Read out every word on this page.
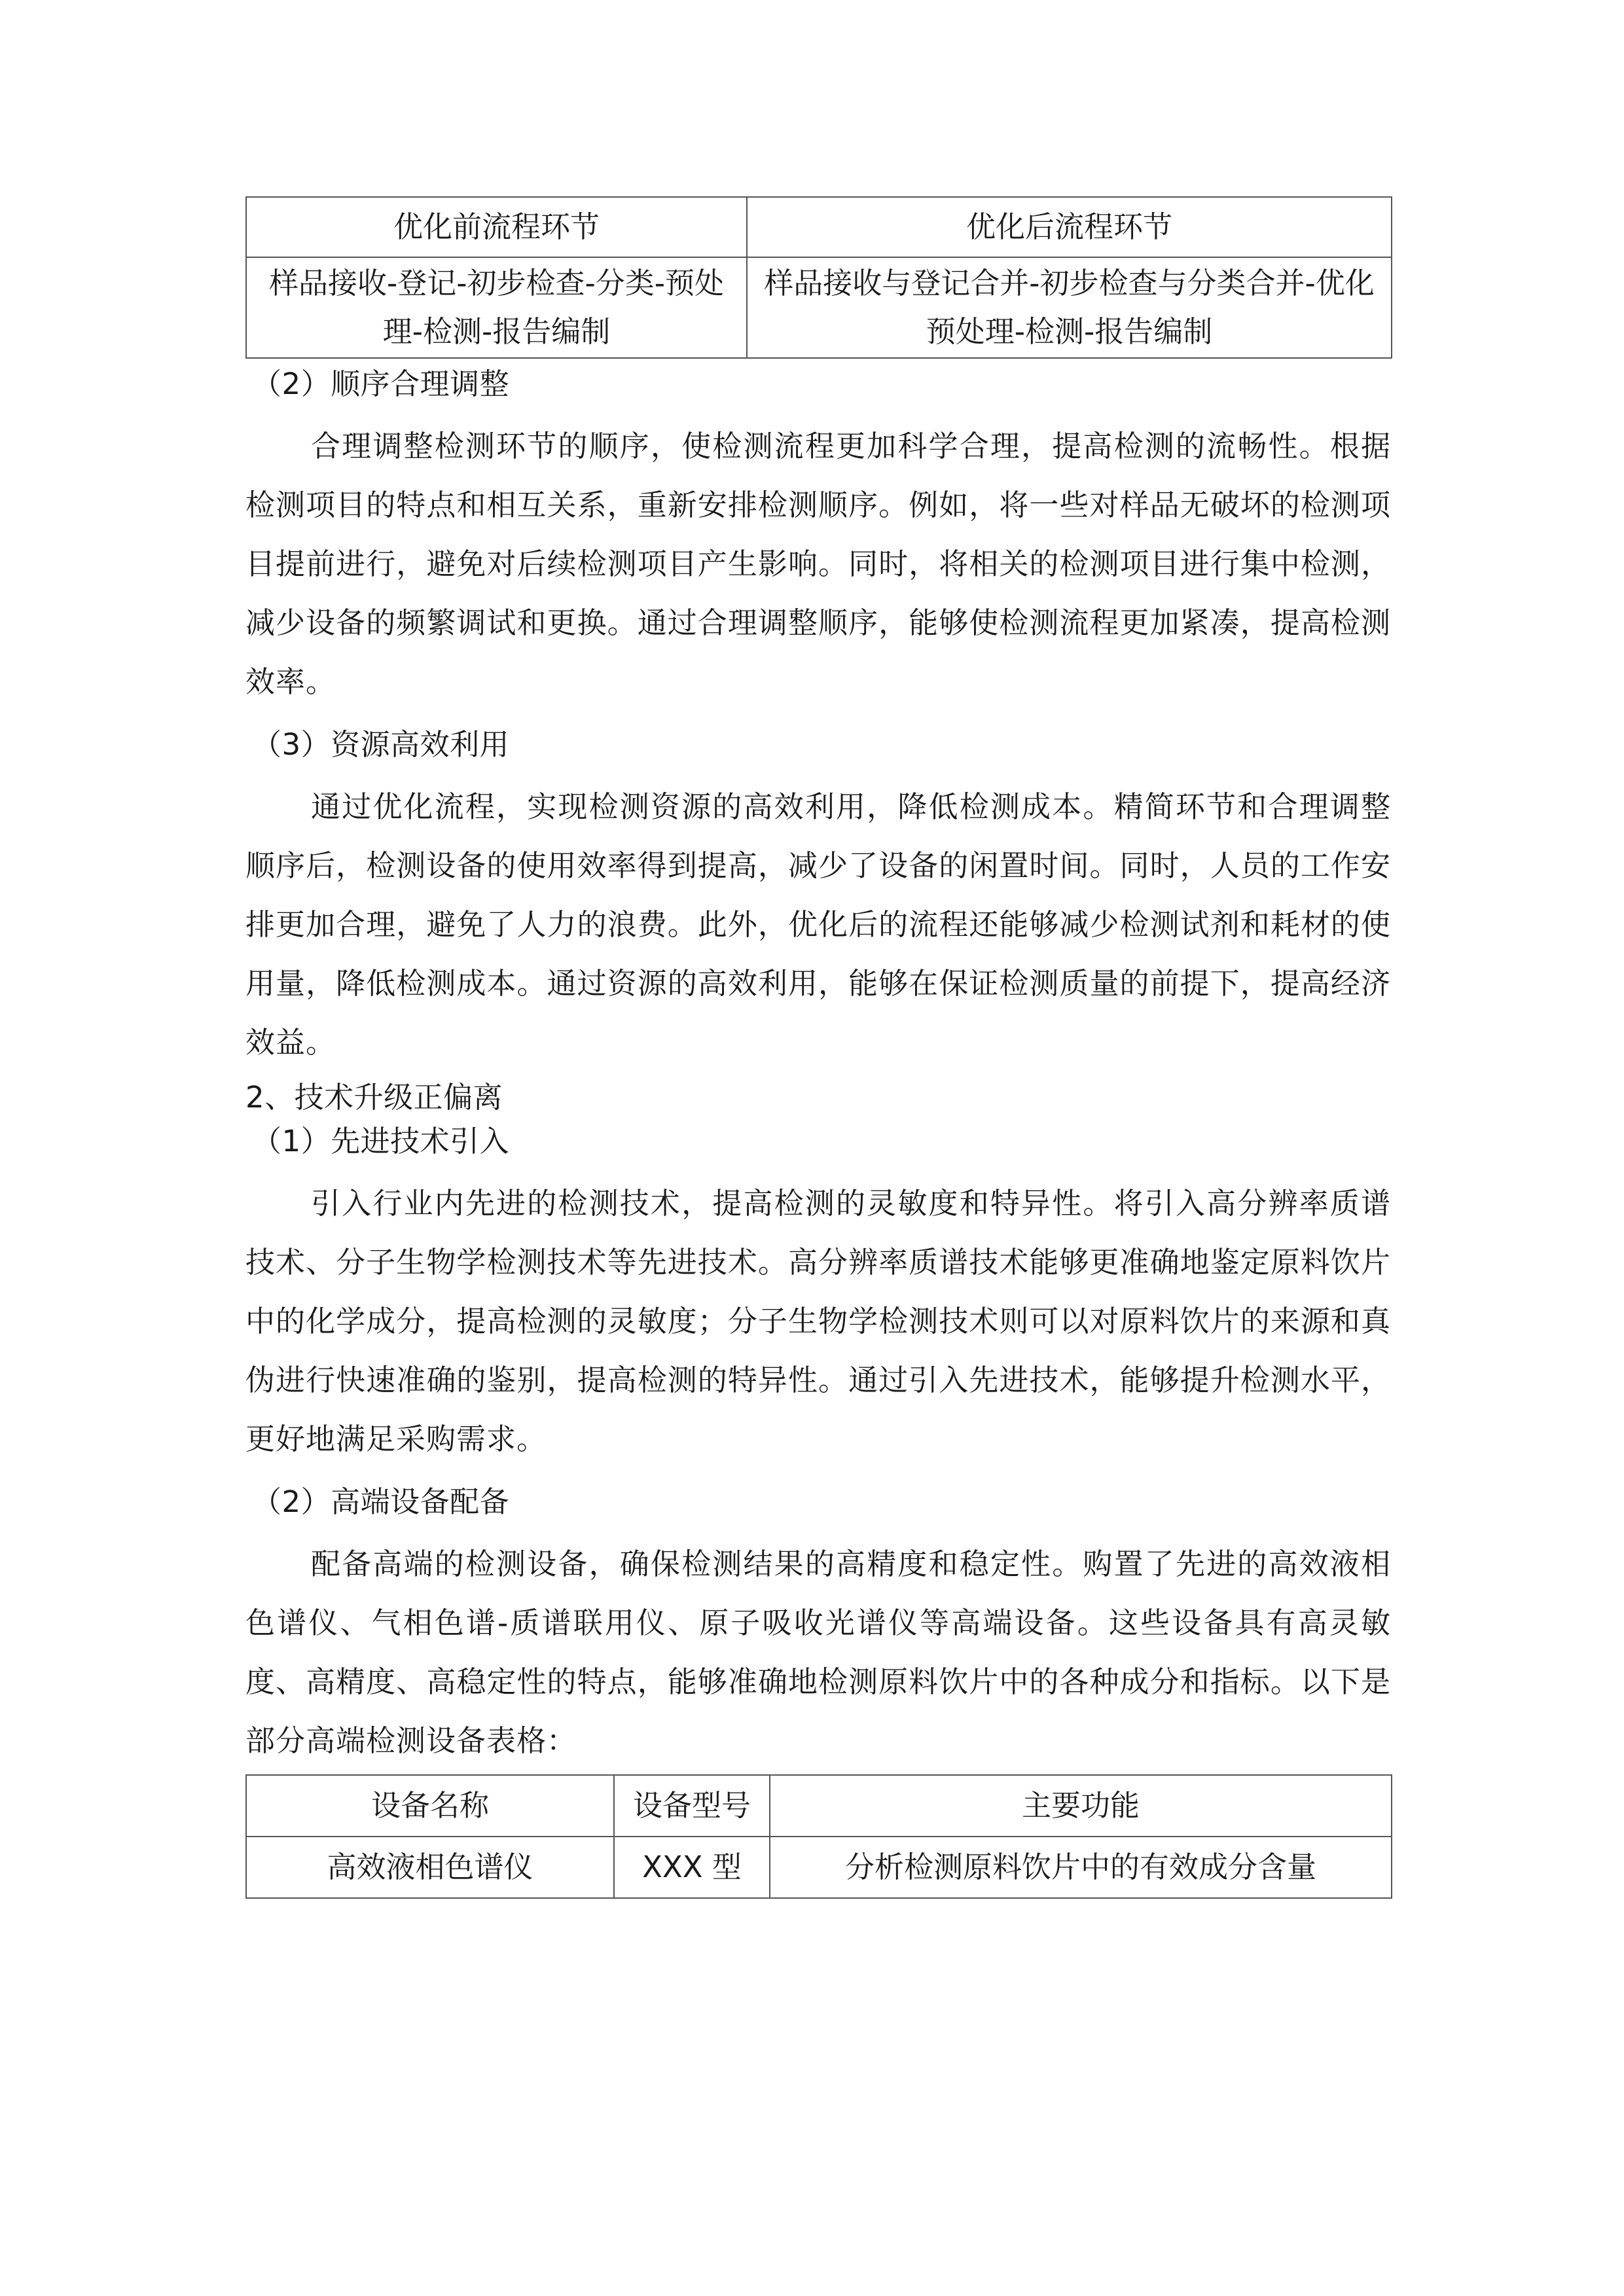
优化前流程环节	优化后流程环节
样品接收-登记-初步检查-分类-预处理-检测-报告编制	样品接收与登记合并-初步检查与分类合并-优化预处理-检测-报告编制
（2）顺序合理调整

合理调整检测环节的顺序，使检测流程更加科学合理，提高检测的流畅性。根据检测项目的特点和相互关系，重新安排检测顺序。例如，将一些对样品无破坏的检测项目提前进行，避免对后续检测项目产生影响。同时，将相关的检测项目进行集中检测，减少设备的频繁调试和更换。通过合理调整顺序，能够使检测流程更加紧凑，提高检测效率。

（3）资源高效利用

通过优化流程，实现检测资源的高效利用，降低检测成本。精简环节和合理调整顺序后，检测设备的使用效率得到提高，减少了设备的闲置时间。同时，人员的工作安排更加合理，避免了人力的浪费。此外，优化后的流程还能够减少检测试剂和耗材的使用量，降低检测成本。通过资源的高效利用，能够在保证检测质量的前提下，提高经济效益。

2、技术升级正偏离
（1）先进技术引入

引入行业内先进的检测技术，提高检测的灵敏度和特异性。将引入高分辨率质谱技术、分子生物学检测技术等先进技术。高分辨率质谱技术能够更准确地鉴定原料饮片中的化学成分，提高检测的灵敏度；分子生物学检测技术则可以对原料饮片的来源和真伪进行快速准确的鉴别，提高检测的特异性。通过引入先进技术，能够提升检测水平，更好地满足采购需求。

（2）高端设备配备

配备高端的检测设备，确保检测结果的高精度和稳定性。购置了先进的高效液相色谱仪、气相色谱-质谱联用仪、原子吸收光谱仪等高端设备。这些设备具有高灵敏度、高精度、高稳定性的特点，能够准确地检测原料饮片中的各种成分和指标。以下是部分高端检测设备表格：

设备名称	设备型号	主要功能
高效液相色谱仪	XXX 型	分析检测原料饮片中的有效成分含量
